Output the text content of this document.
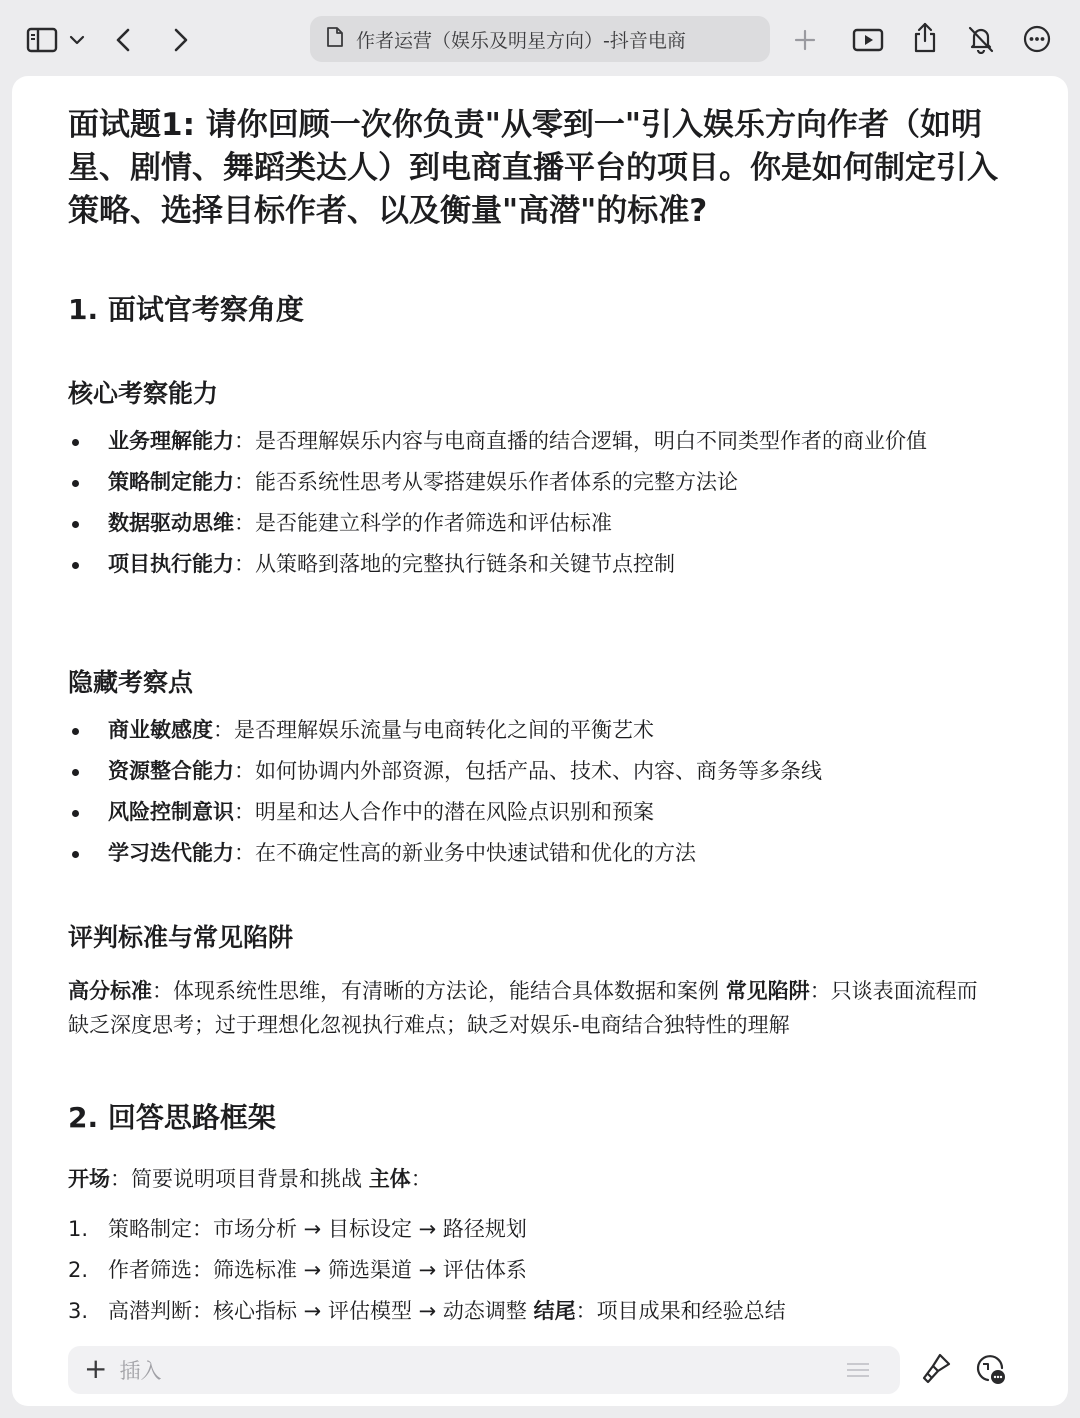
作者运营（娱乐及明星方向）-抖音电商
面试题1: 请你回顾一次你负责"从零到一"引入娱乐方向作者（如明星、剧情、舞蹈类达人）到电商直播平台的项目。你是如何制定引入策略、选择目标作者、以及衡量"高潜"的标准?
1. 面试官考察角度
核心考察能力
业务理解能力：是否理解娱乐内容与电商直播的结合逻辑，明白不同类型作者的商业价值
策略制定能力：能否系统性思考从零搭建娱乐作者体系的完整方法论
数据驱动思维：是否能建立科学的作者筛选和评估标准
项目执行能力：从策略到落地的完整执行链条和关键节点控制
隐藏考察点
商业敏感度：是否理解娱乐流量与电商转化之间的平衡艺术
资源整合能力：如何协调内外部资源，包括产品、技术、内容、商务等多条线
风险控制意识：明星和达人合作中的潜在风险点识别和预案
学习迭代能力：在不确定性高的新业务中快速试错和优化的方法
评判标准与常见陷阱
高分标准：体现系统性思维，有清晰的方法论，能结合具体数据和案例 常见陷阱：只谈表面流程而缺乏深度思考；过于理想化忽视执行难点；缺乏对娱乐-电商结合独特性的理解
2. 回答思路框架
开场：简要说明项目背景和挑战 主体：
1. 策略制定：市场分析 → 目标设定 → 路径规划
2. 作者筛选：筛选标准 → 筛选渠道 → 评估体系
3. 高潜判断：核心指标 → 评估模型 → 动态调整 结尾：项目成果和经验总结
+ 插入
